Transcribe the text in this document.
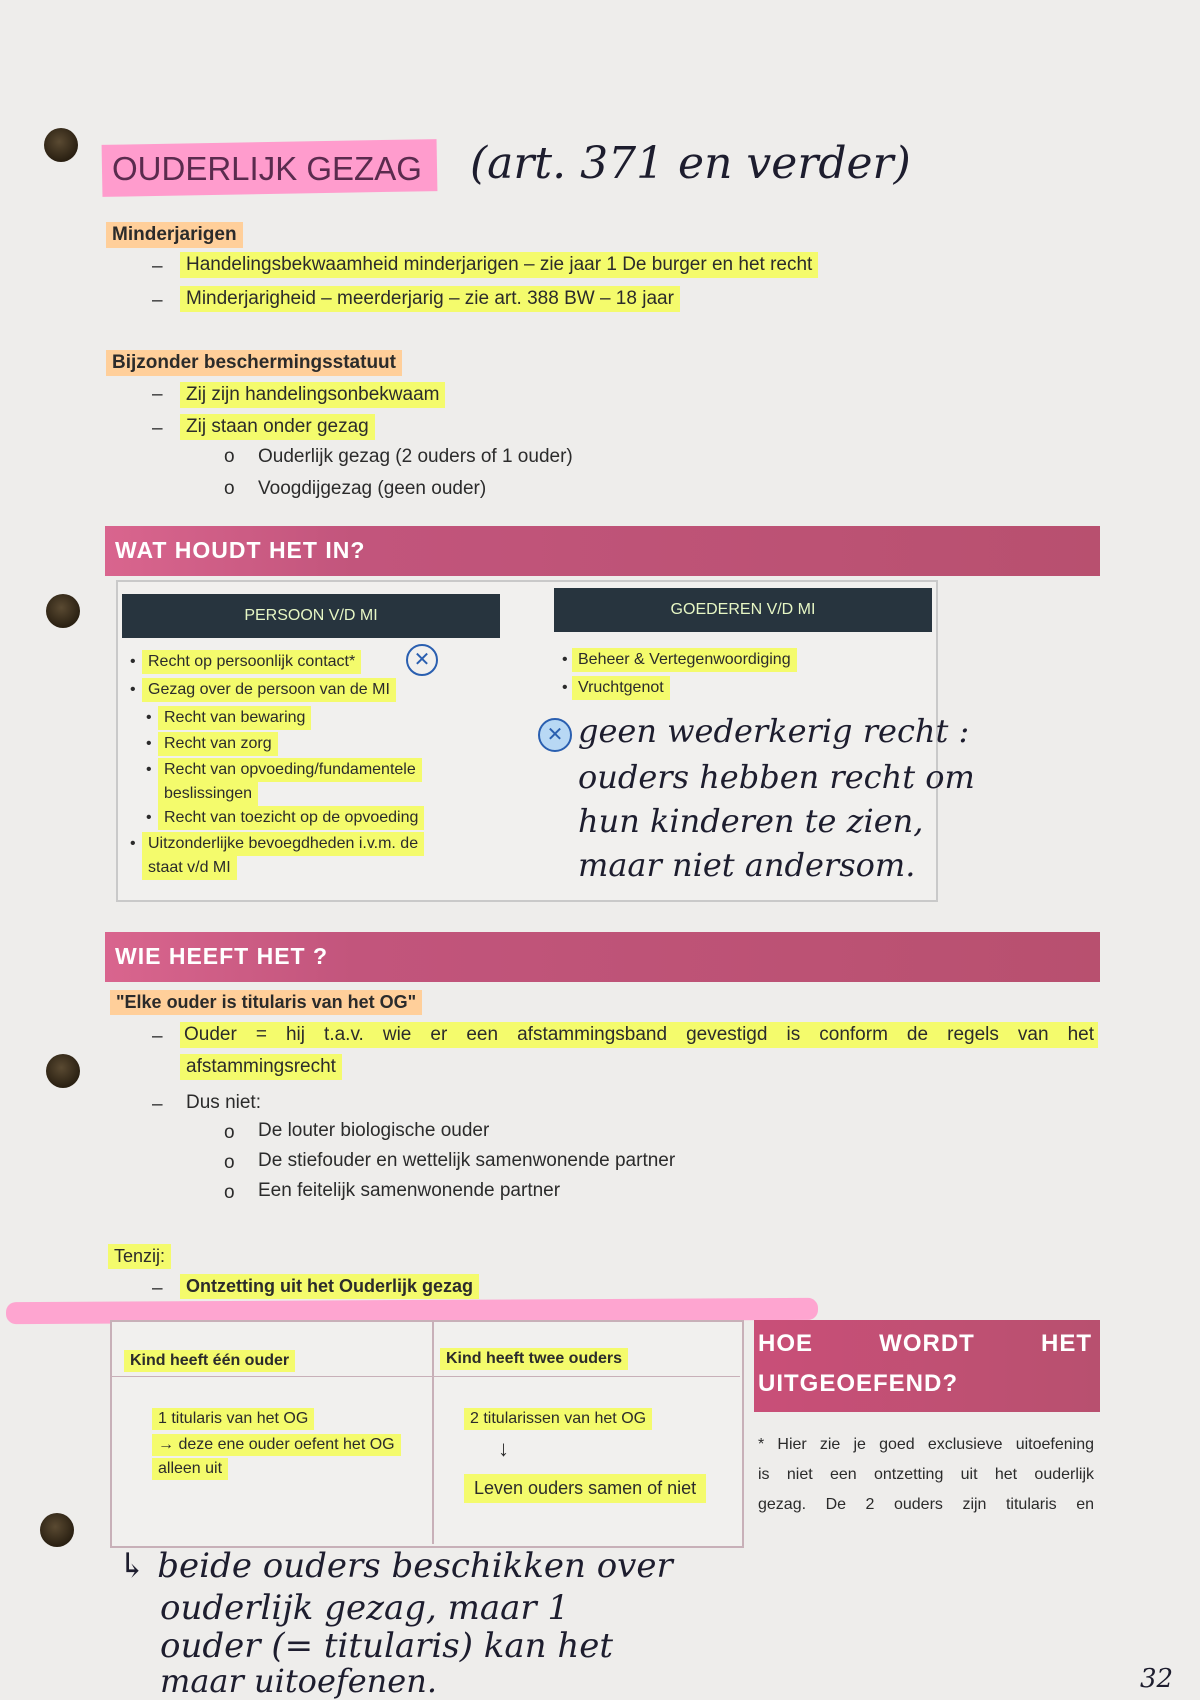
OUDERLIJK GEZAG (art. 371 en verder)
Minderjarigen
–	Handelingsbekwaamheid minderjarigen – zie jaar 1 De burger en het recht
–	Minderjarigheid – meerderjarig – zie art. 388 BW – 18 jaar
Bijzonder beschermingsstatuut
–	Zij zijn handelingsonbekwaam
–	Zij staan onder gezag
o Ouderlijk gezag (2 ouders of 1 ouder)
o Voogdijgezag (geen ouder)
WAT HOUDT HET IN?
PERSOON V/D MI	GOEDEREN V/D MI
• Recht op persoonlijk contact*	✕
• Gezag over de persoon van de MI
• Recht van bewaring
• Recht van zorg
• Recht van opvoeding/fundamentele
beslissingen
• Recht van toezicht op de opvoeding
• Uitzonderlijke bevoegdheden i.v.m. de
staat v/d MI
• Beheer & Vertegenwoordiging
• Vruchtgenot
✕ geen wederkerig recht :
ouders hebben recht om
hun kinderen te zien,
maar niet andersom.
WIE HEEFT HET ?
"Elke ouder is titularis van het OG"
– Ouder = hij t.a.v. wie er een afstammingsband gevestigd is conform de regels van het
afstammingsrecht
– Dus niet:
o De louter biologische ouder
o De stiefouder en wettelijk samenwonende partner
o Een feitelijk samenwonende partner
Tenzij:
–	Ontzetting uit het Ouderlijk gezag
Kind heeft één ouder	Kind heeft twee ouders
1 titularis van het OG
→ deze ene ouder oefent het OG
alleen uit
2 titularissen van het OG
↓
Leven ouders samen of niet
HOE WORDT HET
UITGEOEFEND?
* Hier zie je goed exclusieve uitoefening
is niet een ontzetting uit het ouderlijk
gezag. De 2 ouders zijn titularis en
↳ beide ouders beschikken over
ouderlijk gezag, maar 1
ouder (= titularis) kan het
maar uitoefenen.	32
